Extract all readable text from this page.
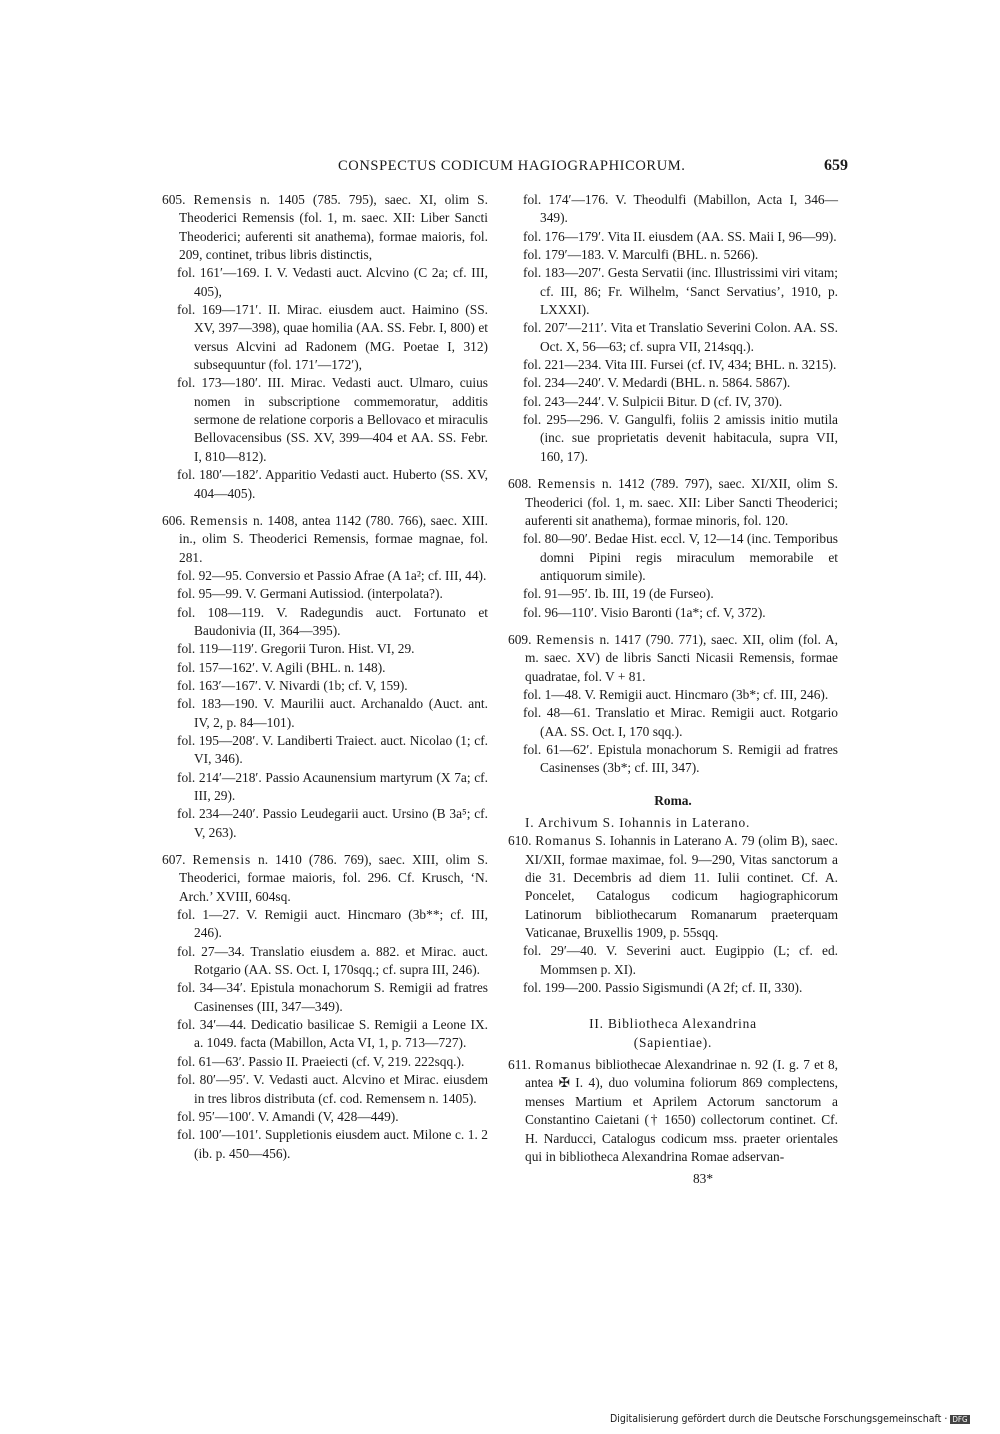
CONSPECTUS CODICUM HAGIOGRAPHICORUM.	659

605. Remensis n. 1405 (785. 795), saec. XI, olim S. Theoderici Remensis (fol. 1, m. saec. XII: Liber Sancti Theoderici; auferenti sit anathema), formae maioris, fol. 209, continet, tribus libris distinctis,

fol. 161′—169. I. V. Vedasti auct. Alcvino (C 2a; cf. III, 405),

fol. 169—171′. II. Mirac. eiusdem auct. Haimino (SS. XV, 397—398), quae homilia (AA. SS. Febr. I, 800) et versus Alcvini ad Radonem (MG. Poetae I, 312) subsequuntur (fol. 171′—172′),

fol. 173—180′. III. Mirac. Vedasti auct. Ulmaro, cuius nomen in subscriptione commemoratur, additis sermone de relatione corporis a Bellovaco et miraculis Bellovacensibus (SS. XV, 399—404 et AA. SS. Febr. I, 810—812).

fol. 180′—182′. Apparitio Vedasti auct. Huberto (SS. XV, 404—405).

606. Remensis n. 1408, antea 1142 (780. 766), saec. XIII. in., olim S. Theoderici Remensis, formae magnae, fol. 281.

fol. 92—95. Conversio et Passio Afrae (A 1a²; cf. III, 44).

fol. 95—99. V. Germani Autissiod. (interpolata?).

fol. 108—119. V. Radegundis auct. Fortunato et Baudonivia (II, 364—395).

fol. 119—119′. Gregorii Turon. Hist. VI, 29.

fol. 157—162′. V. Agili (BHL. n. 148).

fol. 163′—167′. V. Nivardi (1b; cf. V, 159).

fol. 183—190. V. Maurilii auct. Archanaldo (Auct. ant. IV, 2, p. 84—101).

fol. 195—208′. V. Landiberti Traiect. auct. Nicolao (1; cf. VI, 346).

fol. 214′—218′. Passio Acaunensium martyrum (X 7a; cf. III, 29).

fol. 234—240′. Passio Leudegarii auct. Ursino (B 3a⁵; cf. V, 263).

607. Remensis n. 1410 (786. 769), saec. XIII, olim S. Theoderici, formae maioris, fol. 296. Cf. Krusch, ‘N. Arch.’ XVIII, 604sq.

fol. 1—27. V. Remigii auct. Hincmaro (3b**; cf. III, 246).

fol. 27—34. Translatio eiusdem a. 882. et Mirac. auct. Rotgario (AA. SS. Oct. I, 170sqq.; cf. supra III, 246).

fol. 34—34′. Epistula monachorum S. Remigii ad fratres Casinenses (III, 347—349).

fol. 34′—44. Dedicatio basilicae S. Remigii a Leone IX. a. 1049. facta (Mabillon, Acta VI, 1, p. 713—727).

fol. 61—63′. Passio II. Praeiecti (cf. V, 219. 222sqq.).

fol. 80′—95′. V. Vedasti auct. Alcvino et Mirac. eiusdem in tres libros distributa (cf. cod. Remensem n. 1405).

fol. 95′—100′. V. Amandi (V, 428—449).

fol. 100′—101′. Suppletionis eiusdem auct. Milone c. 1. 2 (ib. p. 450—456).

fol. 174′—176. V. Theodulfi (Mabillon, Acta I, 346—349).

fol. 176—179′. Vita II. eiusdem (AA. SS. Maii I, 96—99).

fol. 179′—183. V. Marculfi (BHL. n. 5266).

fol. 183—207′. Gesta Servatii (inc. Illustrissimi viri vitam; cf. III, 86; Fr. Wilhelm, ‘Sanct Servatius’, 1910, p. LXXXI).

fol. 207′—211′. Vita et Translatio Severini Colon. AA. SS. Oct. X, 56—63; cf. supra VII, 214sqq.).

fol. 221—234. Vita III. Fursei (cf. IV, 434; BHL. n. 3215).

fol. 234—240′. V. Medardi (BHL. n. 5864. 5867).

fol. 243—244′. V. Sulpicii Bitur. D (cf. IV, 370).

fol. 295—296. V. Gangulfi, foliis 2 amissis initio mutila (inc. sue proprietatis devenit habitacula, supra VII, 160, 17).

608. Remensis n. 1412 (789. 797), saec. XI/XII, olim S. Theoderici (fol. 1, m. saec. XII: Liber Sancti Theoderici; auferenti sit anathema), formae minoris, fol. 120.

fol. 80—90′. Bedae Hist. eccl. V, 12—14 (inc. Temporibus domni Pipini regis miraculum memorabile et antiquorum simile).

fol. 91—95′. Ib. III, 19 (de Furseo).

fol. 96—110′. Visio Baronti (1a*; cf. V, 372).

609. Remensis n. 1417 (790. 771), saec. XII, olim (fol. A, m. saec. XV) de libris Sancti Nicasii Remensis, formae quadratae, fol. V + 81.

fol. 1—48. V. Remigii auct. Hincmaro (3b*; cf. III, 246).

fol. 48—61. Translatio et Mirac. Remigii auct. Rotgario (AA. SS. Oct. I, 170 sqq.).

fol. 61—62′. Epistula monachorum S. Remigii ad fratres Casinenses (3b*; cf. III, 347).

Roma.

I. Archivum S. Iohannis in Laterano.

610. Romanus S. Iohannis in Laterano A. 79 (olim B), saec. XI/XII, formae maximae, fol. 9—290, Vitas sanctorum a die 31. Decembris ad diem 11. Iulii continet. Cf. A. Poncelet, Catalogus codicum hagiographicorum Latinorum bibliothecarum Romanarum praeterquam Vaticanae, Bruxellis 1909, p. 55sqq.

fol. 29′—40. V. Severini auct. Eugippio (L; cf. ed. Mommsen p. XI).

fol. 199—200. Passio Sigismundi (A 2f; cf. II, 330).

II. Bibliotheca Alexandrina
(Sapientiae).

611. Romanus bibliothecae Alexandrinae n. 92 (I. g. 7 et 8, antea ✠ I. 4), duo volumina foliorum 869 complectens, menses Martium et Aprilem Actorum sanctorum a Constantino Caietani († 1650) collectorum continet. Cf. H. Narducci, Catalogus codicum mss. praeter orientales qui in bibliotheca Alexandrina Romae adservan-

83*

Digitalisierung gefördert durch die Deutsche Forschungsgemeinschaft · DFG
